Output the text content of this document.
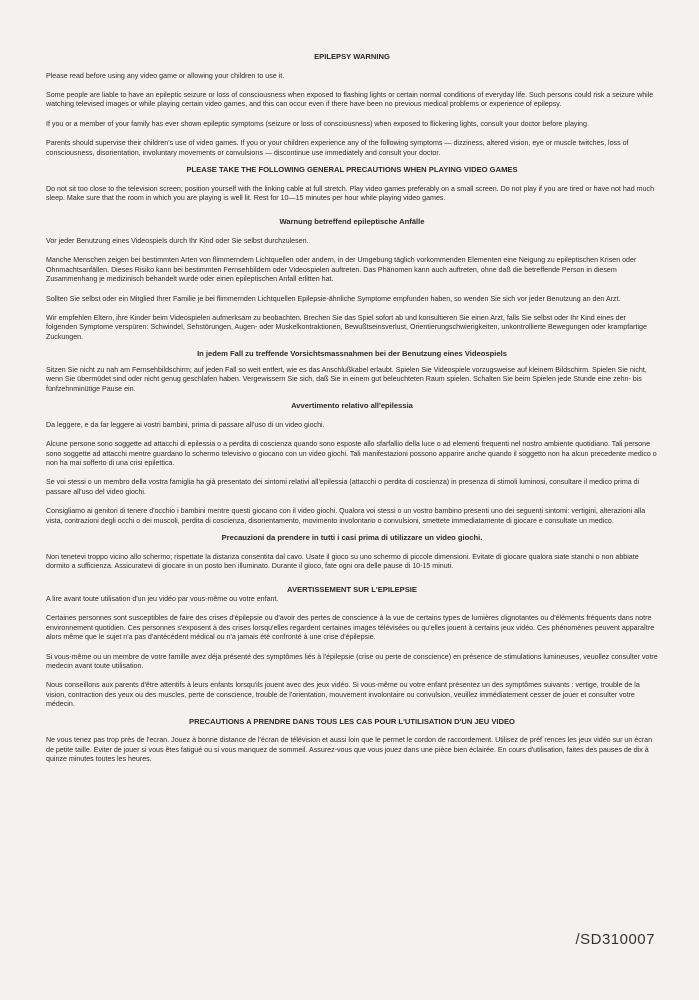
EPILEPSY WARNING

Please read before using any video game or allowing your children to use it.

Some people are liable to have an epileptic seizure or loss of consciousness when exposed to flashing lights or certain normal conditions of everyday life. Such persons could risk a seizure while watching televised images or while playing certain video games, and this can occur even if there have been no previous medical problems or experience of epilepsy.

If you or a member of your family has ever shown epileptic symptoms (seizure or loss of consciousness) when exposed to flickering lights, consult your doctor before playing.

Parents should supervise their children's use of video games. If you or your children experience any of the following symptoms — dizziness, altered vision, eye or muscle twitches, loss of

consciousness, disorientation, involuntary movements or convulsions — discontinue use immediately and consult your doctor.

PLEASE TAKE THE FOLLOWING GENERAL PRECAUTIONS WHEN PLAYING VIDEO GAMES

Do not sit too close to the television screen; position yourself with the linking cable at full stretch. Play video games preferably on a small screen. Do not play if you are tired or have not had much sleep. Make sure that the room in which you are playing is well lit. Rest for 10—15 minutes per hour while playing video games.

Warnung betreffend epileptische Anfälle

Vor jeder Benutzung eines Videospiels durch Ihr Kind oder Sie selbst durchzulesen.

Manche Menschen zeigen bei bestimmten Arten von flimmerndem Lichtquellen oder andern, in der Umgebung täglich vorkommenden Elementen eine Neigung zu epileptischen Krisen oder Ohnmachtsanfällen. Dieses Risiko kann bei bestimmten Fernsehbildern oder Videospielen auftreten. Das Phänomen kann auch auftreten, ohne daß die betreffende Person in diesem Zusammenhang je medizinisch behandelt wurde oder einen epileptischen Anfall erlitten hat.

Sollten Sie selbst oder ein Mitglied Ihrer Familie je bei flimmernden Lichtquellen Epilepsie-ähnliche Symptome empfunden haben, so wenden Sie sich vor jeder Benutzung an den Arzt.

Wir empfehlen Eltern, ihre Kinder beim Videospielen aufmerksam zu beobachten. Brechen Sie das Spiel sofort ab und konsultieren Sie einen Arzt, falls Sie selbst oder Ihr Kind eines der folgenden Symptome verspüren: Schwindel, Sehstörungen, Augen- oder Muskelkontraktionen, Bewußtseinsverlust, Orientierungschwierigkeiten, unkontrollierte Bewegungen oder krampfartige Zuckungen.

In jedem Fall zu treffende Vorsichtsmassnahmen bei der Benutzung eines Videospiels

Sitzen Sie nicht zu nah am Fernsehbildschirm; auf jeden Fall so weit entfert, wie es das Anschlußkabel erlaubt. Spielen Sie Videospiele vorzugsweise auf kleinem Bildschirm. Spielen Sie nicht, wenn Sie übermüdet sind oder nicht genug geschlafen haben. Vergewissern Sie sich, daß Sie in einem gut beleuchteten Raum spielen. Schalten Sie beim Spielen jede Stunde eine zehn- bis fünfzehnminütige Pause ein.

Avvertimento relativo all'epilessia

Da leggere, e da far leggere ai vostri bambini, prima di passare all'uso di un video giochi.

Alcune persone sono soggette ad attacchi di epilessia o a perdita di coscienza quando sono esposte allo sfarfallio della luce o ad elementi frequenti nel nostro ambiente quotidiano. Tali persone sono soggette ad attacchi mentre guardano lo schermo televisivo o giocano con un video giochi. Tali manifestazioni possono apparire anche quando il soggetto non ha alcun precedente medico o non ha mai sofferto di una crisi epilettica.

Se voi stessi o un membro della vostra famiglia ha già presentato dei sintomi relativi all'epilessia (attacchi o perdita di coscienza) in presenza di stimoli luminosi, consultare il medico prima di

passare all'uso del video giochi.

Consigliamo ai genitori di tenere d'occhio i bambini mentre questi giocano con il video giochi. Qualora voi stessi o un vostro bambino presenti uno dei seguenti sintomi: vertigini, alterazioni alla vista, contrazioni degli occhi o dei muscoli, perdita di coscienza, disorientamento, movimento involontario o convulsioni, smettete immediatamente di giocare e consultate un medico.

Precauzioni da prendere in tutti i casi prima di utilizzare un video giochi.

Non tenetevi troppo vicino allo schermo; rispettate la distanza consentita dal cavo. Usate il gioco su uno schermo di piccole dimensioni. Evitate di giocare qualora siate stanchi o non abbiate

dormito a sufficienza. Assicuratevi di giocare in un posto ben illuminato. Durante il gioco, fate ogni ora delle pause di 10-15 minuti.

AVERTISSEMENT SUR L'EPILEPSIE

A lire avant toute utilisation d'un jeu vidéo par vous-même ou votre enfant.

Certaines personnes sont susceptibles de faire des crises d'épilepsie ou d'avoir des pertes de conscience à la vue de certains types de lumières clignotantes ou d'éléments fréquents dans notre environnement quotidien. Ces personnes s'exposent à des crises lorsqu'elles regardent certaines images télévisées ou qu'elles jouent à certains jeux vidéo. Ces phénomènes peuvent apparaître alors même que le sujet n'a pas d'antécédent médical ou n'a jamais été confronté à une crise d'épilepsie.

Si vous-même ou un membre de votre famille avez déja présenté des symptômes liés à l'épilepsie (crise ou perte de conscience) en présence de stimulations lumineuses, veuollez consulter votre medecin avant toute utilisation.

Nous conseillons aux parents d'être attentifs à leurs enfants lorsqu'ils jouent avec des jeux vidéo. Si vous-même ou votre enfant présentez un des symptômes suivants : vertige, trouble de la vision, contraction des yeux ou des muscles, perte de conscience, trouble de l'orientation, mouvement involontaire ou convulsion, veuillez immédiatement cesser de jouer et consulter votre médecin.

PRECAUTIONS A PRENDRE DANS TOUS LES CAS POUR L'UTILISATION D'UN JEU VIDEO

Ne vous tenez pas trop près de l'ecran. Jouez à bonne distance de l'écran de télévision et aussi loin que le permet le cordon de raccordement. Utilisez de préf´rences les jeux vidéo sur un écran de petite taille. Eviter de jouer si vous êtes fatigué ou si vous manquez de sommeil. Assurez-vous que vous jouez dans une pièce bien éclairée. En cours d'utilisation, faites des pauses de dix à quinze minutes toutes les heures.

/SD310007
